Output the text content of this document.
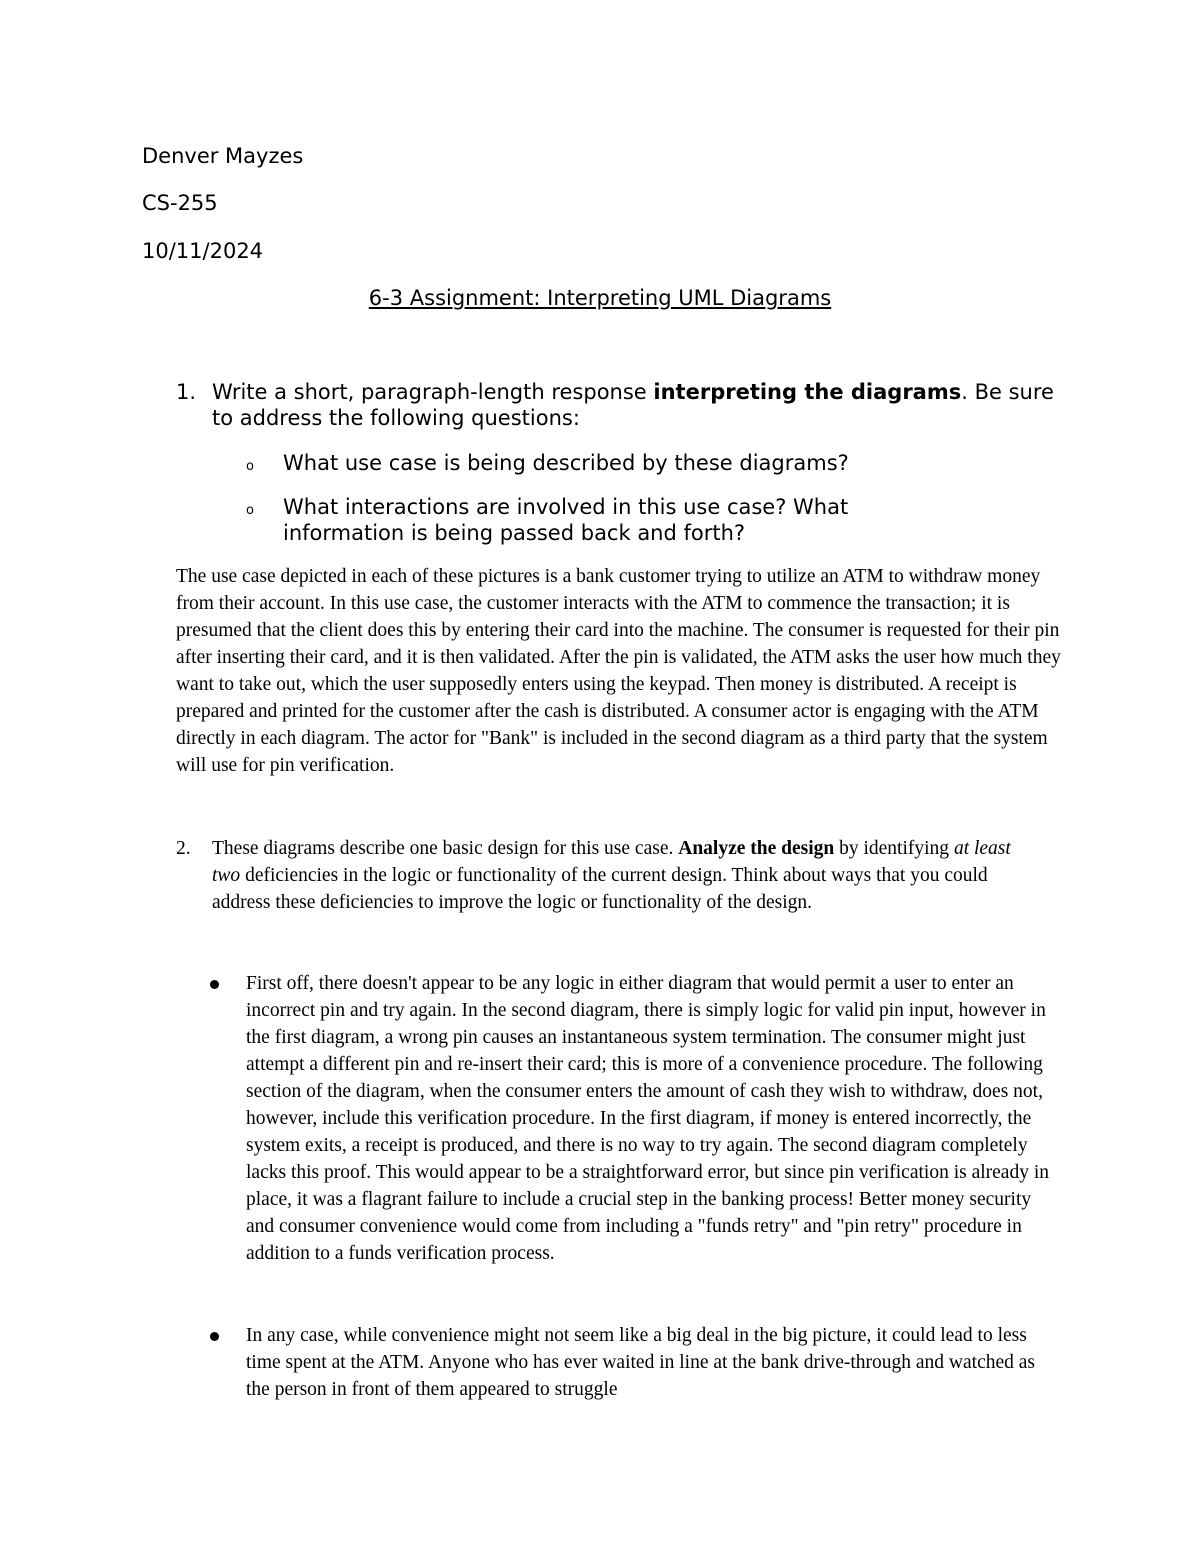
Denver Mayzes
CS-255
10/11/2024
6-3 Assignment: Interpreting UML Diagrams
1. Write a short, paragraph-length response interpreting the diagrams. Be sure to address the following questions:
o What use case is being described by these diagrams?
o What interactions are involved in this use case? What information is being passed back and forth?
The use case depicted in each of these pictures is a bank customer trying to utilize an ATM to withdraw money from their account. In this use case, the customer interacts with the ATM to commence the transaction; it is presumed that the client does this by entering their card into the machine. The consumer is requested for their pin after inserting their card, and it is then validated. After the pin is validated, the ATM asks the user how much they want to take out, which the user supposedly enters using the keypad. Then money is distributed. A receipt is prepared and printed for the customer after the cash is distributed. A consumer actor is engaging with the ATM directly in each diagram. The actor for "Bank" is included in the second diagram as a third party that the system will use for pin verification.
2. These diagrams describe one basic design for this use case. Analyze the design by identifying at least two deficiencies in the logic or functionality of the current design. Think about ways that you could address these deficiencies to improve the logic or functionality of the design.
First off, there doesn't appear to be any logic in either diagram that would permit a user to enter an incorrect pin and try again. In the second diagram, there is simply logic for valid pin input, however in the first diagram, a wrong pin causes an instantaneous system termination. The consumer might just attempt a different pin and re-insert their card; this is more of a convenience procedure. The following section of the diagram, when the consumer enters the amount of cash they wish to withdraw, does not, however, include this verification procedure. In the first diagram, if money is entered incorrectly, the system exits, a receipt is produced, and there is no way to try again. The second diagram completely lacks this proof. This would appear to be a straightforward error, but since pin verification is already in place, it was a flagrant failure to include a crucial step in the banking process! Better money security and consumer convenience would come from including a "funds retry" and "pin retry" procedure in addition to a funds verification process.
In any case, while convenience might not seem like a big deal in the big picture, it could lead to less time spent at the ATM. Anyone who has ever waited in line at the bank drive-through and watched as the person in front of them appeared to struggle
